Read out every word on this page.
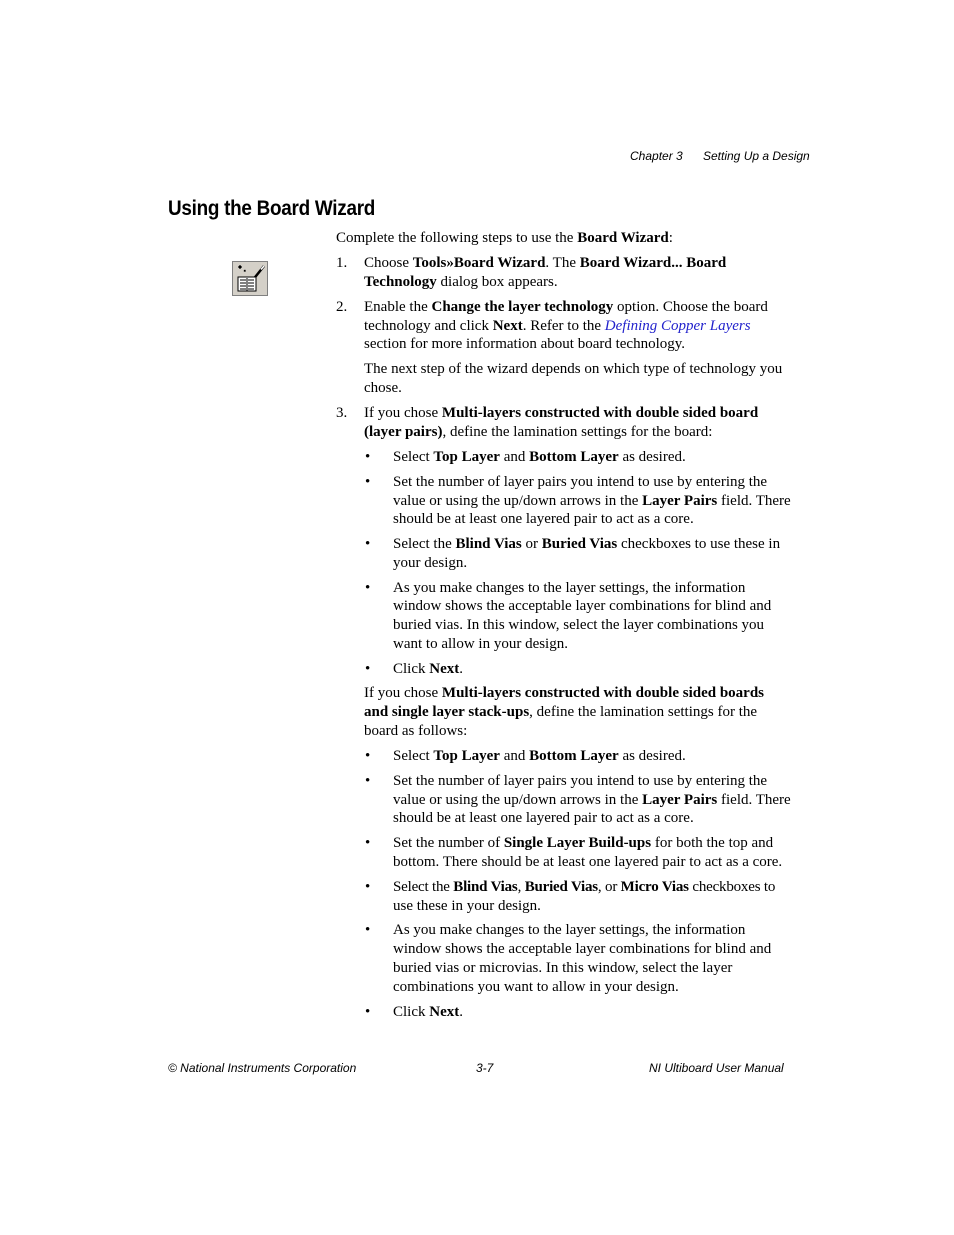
Chapter 3 Setting Up a Design
Using the Board Wizard
Complete the following steps to use the Board Wizard:
1. Choose Tools»Board Wizard. The Board Wizard... Board
Technology dialog box appears.
2. Enable the Change the layer technology option. Choose the board
technology and click Next. Refer to the Defining Copper Layers
section for more information about board technology.
The next step of the wizard depends on which type of technology you
chose.
3. If you chose Multi-layers constructed with double sided board
(layer pairs), define the lamination settings for the board:
• Select Top Layer and Bottom Layer as desired.
• Set the number of layer pairs you intend to use by entering the
value or using the up/down arrows in the Layer Pairs field. There
should be at least one layered pair to act as a core.
• Select the Blind Vias or Buried Vias checkboxes to use these in
your design.
• As you make changes to the layer settings, the information
window shows the acceptable layer combinations for blind and
buried vias. In this window, select the layer combinations you
want to allow in your design.
• Click Next.
If you chose Multi-layers constructed with double sided boards
and single layer stack-ups, define the lamination settings for the
board as follows:
• Select Top Layer and Bottom Layer as desired.
• Set the number of layer pairs you intend to use by entering the
value or using the up/down arrows in the Layer Pairs field. There
should be at least one layered pair to act as a core.
• Set the number of Single Layer Build-ups for both the top and
bottom. There should be at least one layered pair to act as a core.
• Select the Blind Vias, Buried Vias, or Micro Vias checkboxes to
use these in your design.
• As you make changes to the layer settings, the information
window shows the acceptable layer combinations for blind and
buried vias or microvias. In this window, select the layer
combinations you want to allow in your design.
• Click Next.
© National Instruments Corporation	3-7	NI Ultiboard User Manual
